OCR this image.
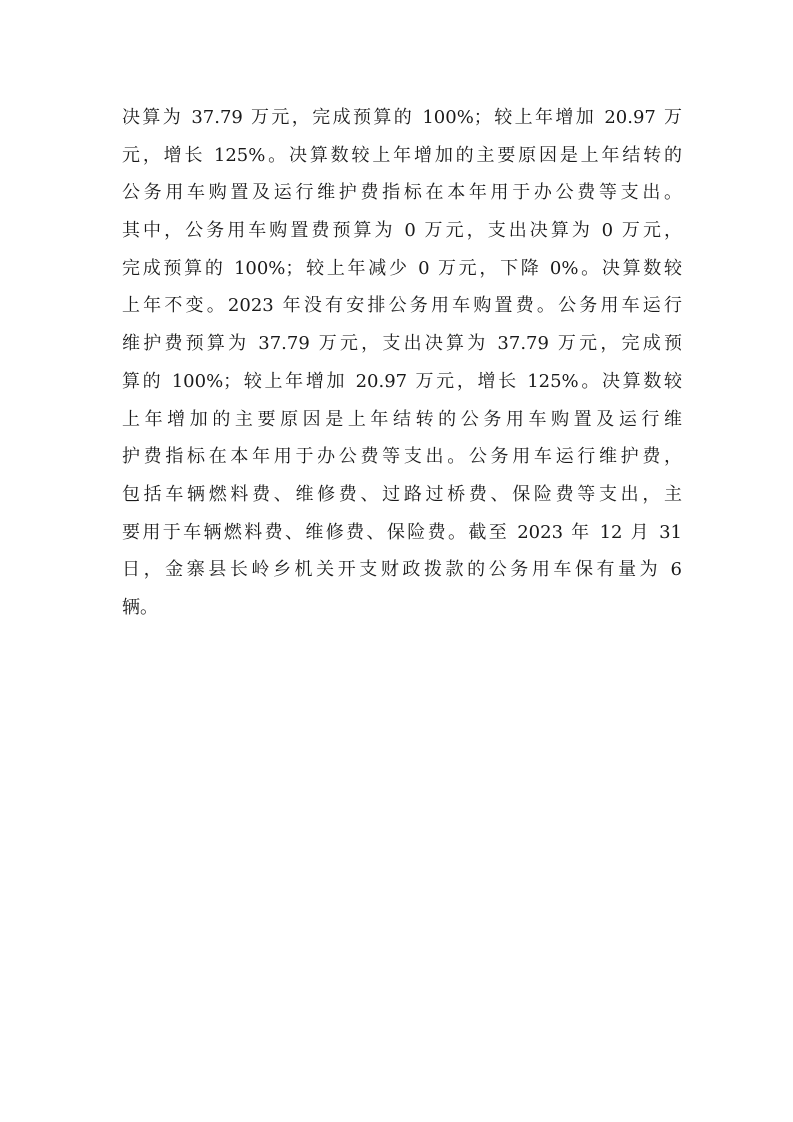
决算为 37.79 万元，完成预算的 100%；较上年增加 20.97 万
元，增长 125%。决算数较上年增加的主要原因是上年结转的
公务用车购置及运行维护费指标在本年用于办公费等支出。
其中，公务用车购置费预算为 0 万元，支出决算为 0 万元，
完成预算的 100%；较上年减少 0 万元，下降 0%。决算数较
上年不变。2023 年没有安排公务用车购置费。公务用车运行
维护费预算为 37.79 万元，支出决算为 37.79 万元，完成预
算的 100%；较上年增加 20.97 万元，增长 125%。决算数较
上年增加的主要原因是上年结转的公务用车购置及运行维
护费指标在本年用于办公费等支出。公务用车运行维护费，
包括车辆燃料费、维修费、过路过桥费、保险费等支出，主
要用于车辆燃料费、维修费、保险费。截至 2023 年 12 月 31
日，金寨县长岭乡机关开支财政拨款的公务用车保有量为 6
辆。
